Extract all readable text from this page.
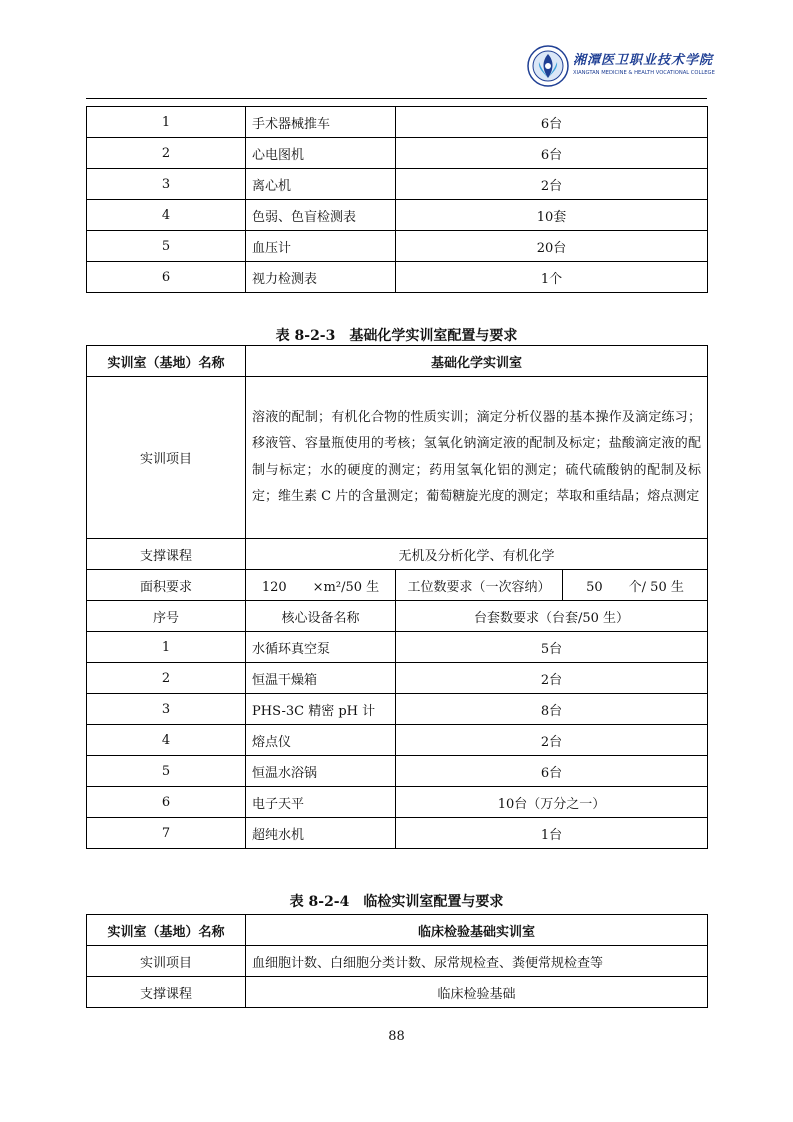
湘潭医卫职业技术学院
XIANGTAN MEDICINE & HEALTH VOCATIONAL COLLEGE
1	手术器械推车	6台
2	心电图机	6台
3	离心机	2台
4	色弱、色盲检测表	10套
5	血压计	20台
6	视力检测表	1个
表 8-2-3　基础化学实训室配置与要求
实训室（基地）名称	基础化学实训室		
实训项目	溶液的配制；有机化合物的性质实训；滴定分析仪器的基本操作及滴定练习；移液管、容量瓶使用的考核；氢氧化钠滴定液的配制及标定；盐酸滴定液的配制与标定；水的硬度的测定；药用氢氧化铝的测定；硫代硫酸钠的配制及标定；维生素 C 片的含量测定；葡萄糖旋光度的测定；萃取和重结晶；熔点测定		
支撑课程	无机及分析化学、有机化学		
面积要求	120　　×m²/50 生	工位数要求（一次容纳）	50　　个/ 50 生
序号	核心设备名称	台套数要求（台套/50 生）	
1	水循环真空泵	5台	
2	恒温干燥箱	2台	
3	PHS-3C 精密 pH 计	8台	
4	熔点仪	2台	
5	恒温水浴锅	6台	
6	电子天平	10台（万分之一）	
7	超纯水机	1台	
表 8-2-4　临检实训室配置与要求
实训室（基地）名称	临床检验基础实训室
实训项目	血细胞计数、白细胞分类计数、尿常规检查、粪便常规检查等
支撑课程	临床检验基础
88
